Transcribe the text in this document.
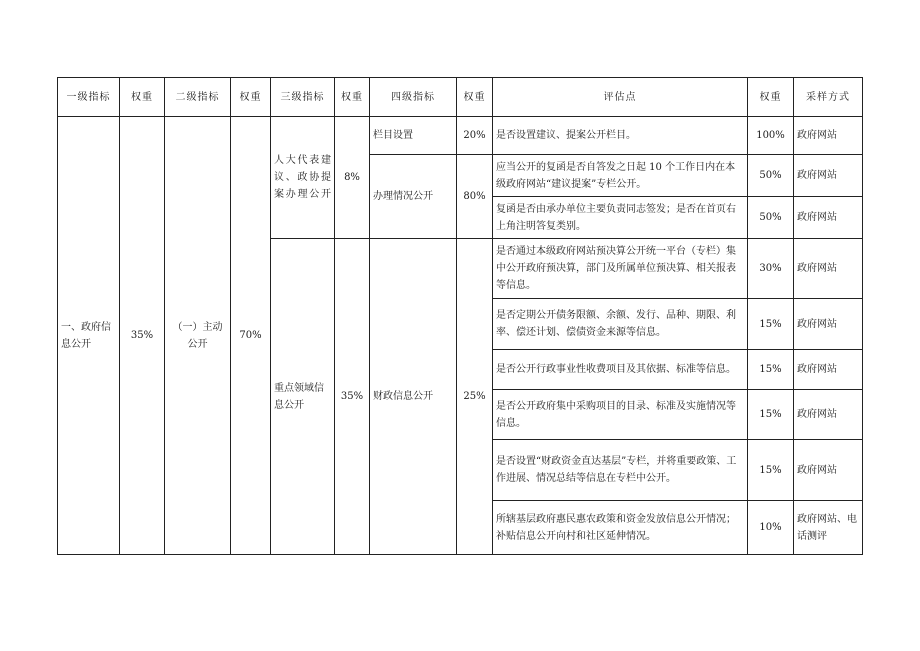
一级指标	权重	二级指标	权重	三级指标	权重	四级指标	权重	评估点	权重	采样方式
一、政府信息公开	35%	（一）主动公开	70%	人大代表建议、政协提案办理公开	8%	栏目设置	20%	是否设置建议、提案公开栏目。	100%	政府网站
						办理情况公开	80%	应当公开的复函是否自答发之日起 10 个工作日内在本级政府网站“建议提案”专栏公开。	50%	政府网站
								复函是否由承办单位主要负责同志签发；是否在首页右上角注明答复类别。	50%	政府网站
				重点领域信息公开	35%	财政信息公开	25%	是否通过本级政府网站预决算公开统一平台（专栏）集中公开政府预决算，部门及所属单位预决算、相关报表等信息。	30%	政府网站
								是否定期公开债务限额、余额、发行、品种、期限、利率、偿还计划、偿债资金来源等信息。	15%	政府网站
								是否公开行政事业性收费项目及其依据、标准等信息。	15%	政府网站
								是否公开政府集中采购项目的目录、标准及实施情况等信息。	15%	政府网站
								是否设置“财政资金直达基层”专栏，并将重要政策、工作进展、情况总结等信息在专栏中公开。	15%	政府网站
								所辖基层政府惠民惠农政策和资金发放信息公开情况；补贴信息公开向村和社区延伸情况。	10%	政府网站、电话测评
